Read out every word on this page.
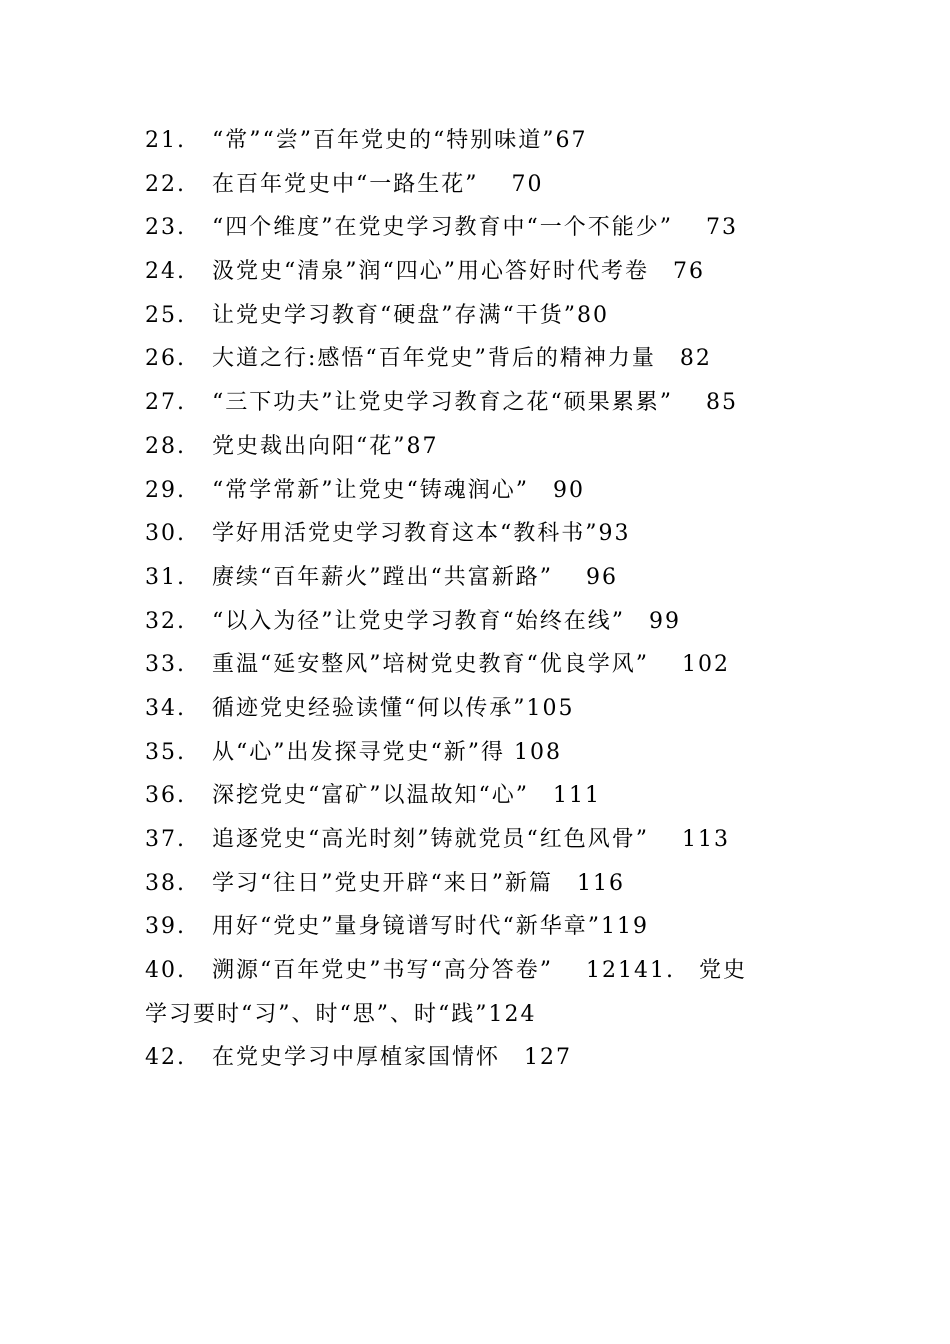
21. “常”“尝”百年党史的“特别味道”67
22. 在百年党史中“一路生花”　 70
23. “四个维度”在党史学习教育中“一个不能少”　 73
24. 汲党史“清泉”润“四心”用心答好时代考卷　76
25. 让党史学习教育“硬盘”存满“干货”80
26. 大道之行:感悟“百年党史”背后的精神力量　82
27. “三下功夫”让党史学习教育之花“硕果累累”　 85
28. 党史裁出向阳“花”87
29. “常学常新”让党史“铸魂润心”　90
30. 学好用活党史学习教育这本“教科书”93
31. 赓续“百年薪火”蹚出“共富新路”　 96
32. “以入为径”让党史学习教育“始终在线”　99
33. 重温“延安整风”培树党史教育“优良学风”　 102
34. 循迹党史经验读懂“何以传承”105
35. 从“心”出发探寻党史“新”得 108
36. 深挖党史“富矿”以温故知“心”　111
37. 追逐党史“高光时刻”铸就党员“红色风骨”　 113
38. 学习“往日”党史开辟“来日”新篇　116
39. 用好“党史”量身镜谱写时代“新华章”119
40. 溯源“百年党史”书写“高分答卷”　 12141.　党史
学习要时“习”、时“思”、时“践”124
42. 在党史学习中厚植家国情怀　127
